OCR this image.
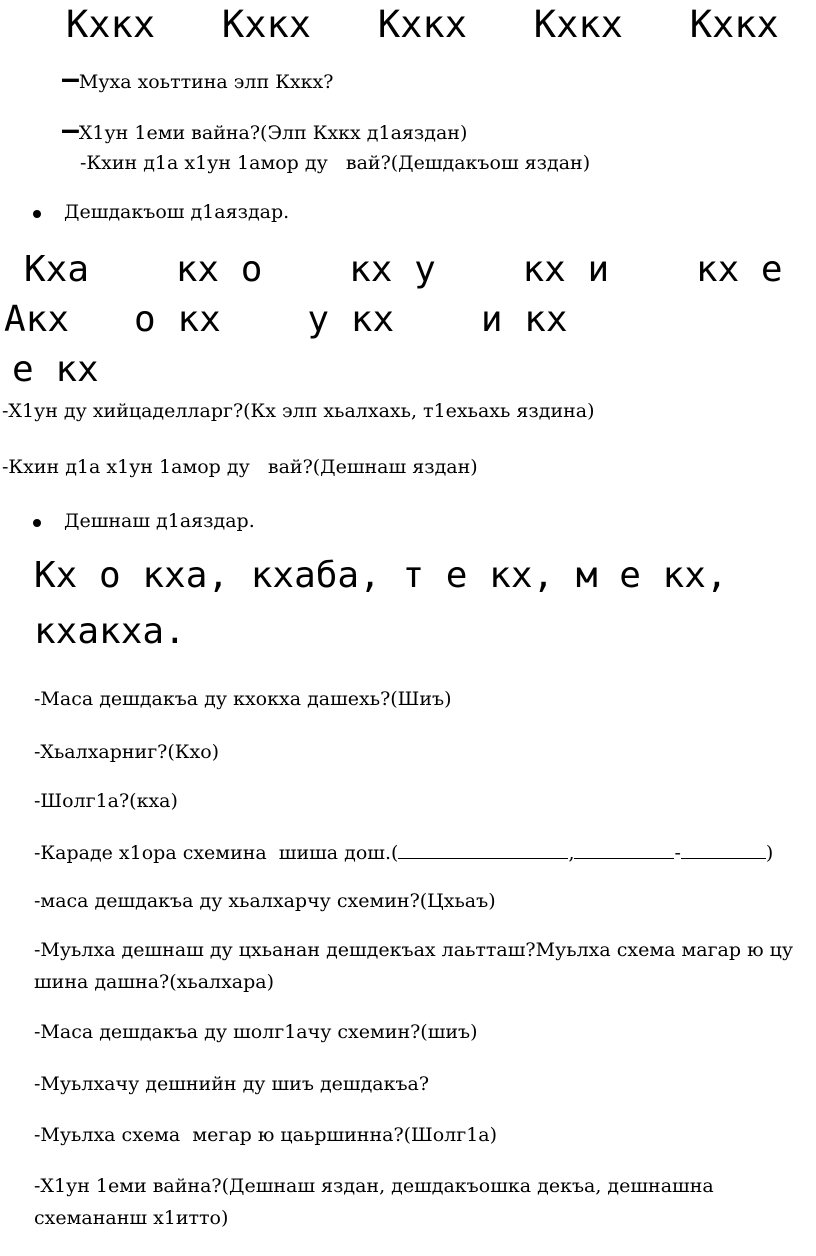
Кхкх   Кхкх   Кхкх   Кхкх   Кхкх
–Муха хоьттина элп Кхкх?
–Х1ун 1еми вайна?(Элп Кхкх д1аяздан)
-Кхин д1а х1ун 1амор ду   вай?(Дешдакъош яздан)
Дешдакъош д1аяздар.
Кха    кх о    кх у    кх и    кх е
Акх   о кх    у кх    и кх
е кх
-Х1ун ду хийцаделларг?(Кх элп хьалхахь, т1ехьахь яздина)
-Кхин д1а х1ун 1амор ду   вай?(Дешнаш яздан)
Дешнаш д1аяздар.
Кх о кха, кхаба, т е кх, м е кх,
кхакха.
-Маса дешдакъа ду кхокха дашехь?(Шиъ)
-Хьалхарниг?(Кхо)
-Шолг1а?(кха)
-Караде х1ора схемина  шиша дош.(	,	-	)
-маса дешдакъа ду хьалхарчу схемин?(Цхьаъ)
-Муьлха дешнаш ду цхьанан дешдекъах лаьтташ?Муьлха схема магар ю цу шина дашна?(хьалхара)
-Маса дешдакъа ду шолг1ачу схемин?(шиъ)
-Муьлхачу дешнийн ду шиъ дешдакъа?
-Муьлха схема  мегар ю цаьршинна?(Шолг1а)
-Х1ун 1еми вайна?(Дешнаш яздан, дешдакъошка декъа, дешнашна схемананш х1итто)
